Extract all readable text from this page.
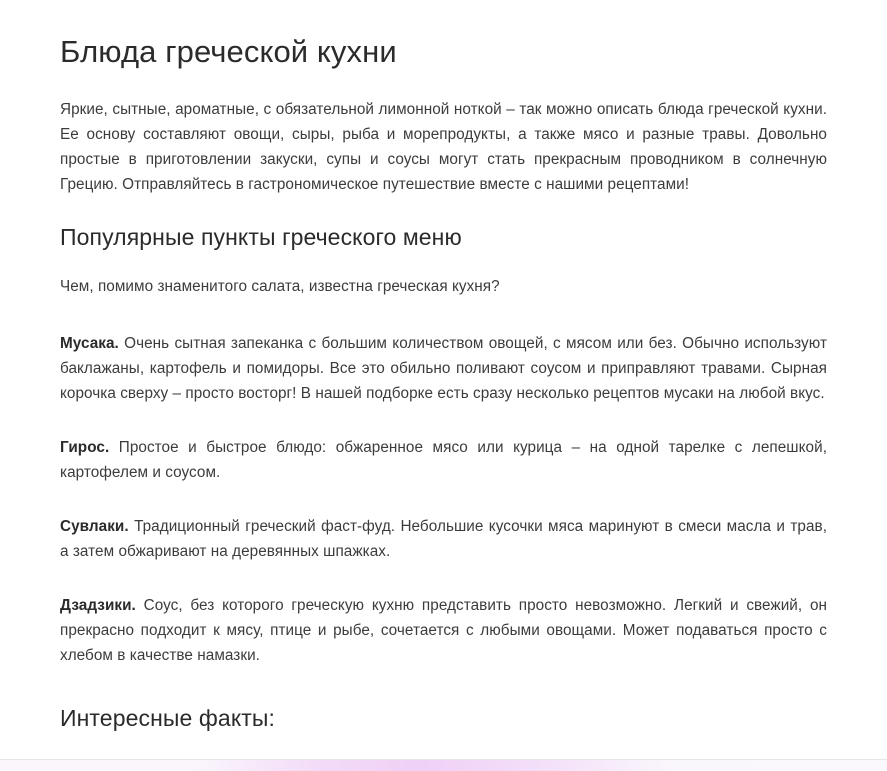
Блюда греческой кухни

Яркие, сытные, ароматные, с обязательной лимонной ноткой – так можно описать блюда греческой кухни. Ее основу составляют овощи, сыры, рыба и морепродукты, а также мясо и разные травы. Довольно простые в приготовлении закуски, супы и соусы могут стать прекрасным проводником в солнечную Грецию. Отправляйтесь в гастрономическое путешествие вместе с нашими рецептами!

Популярные пункты греческого меню

Чем, помимо знаменитого салата, известна греческая кухня?

Мусака. Очень сытная запеканка с большим количеством овощей, с мясом или без. Обычно используют баклажаны, картофель и помидоры. Все это обильно поливают соусом и приправляют травами. Сырная корочка сверху – просто восторг! В нашей подборке есть сразу несколько рецептов мусаки на любой вкус.

Гирос. Простое и быстрое блюдо: обжаренное мясо или курица – на одной тарелке с лепешкой, картофелем и соусом.

Сувлаки. Традиционный греческий фаст-фуд. Небольшие кусочки мяса маринуют в смеси масла и трав, а затем обжаривают на деревянных шпажках.

Дзадзики. Соус, без которого греческую кухню представить просто невозможно. Легкий и свежий, он прекрасно подходит к мясу, птице и рыбе, сочетается с любыми овощами. Может подаваться просто с хлебом в качестве намазки.

Интересные факты:
